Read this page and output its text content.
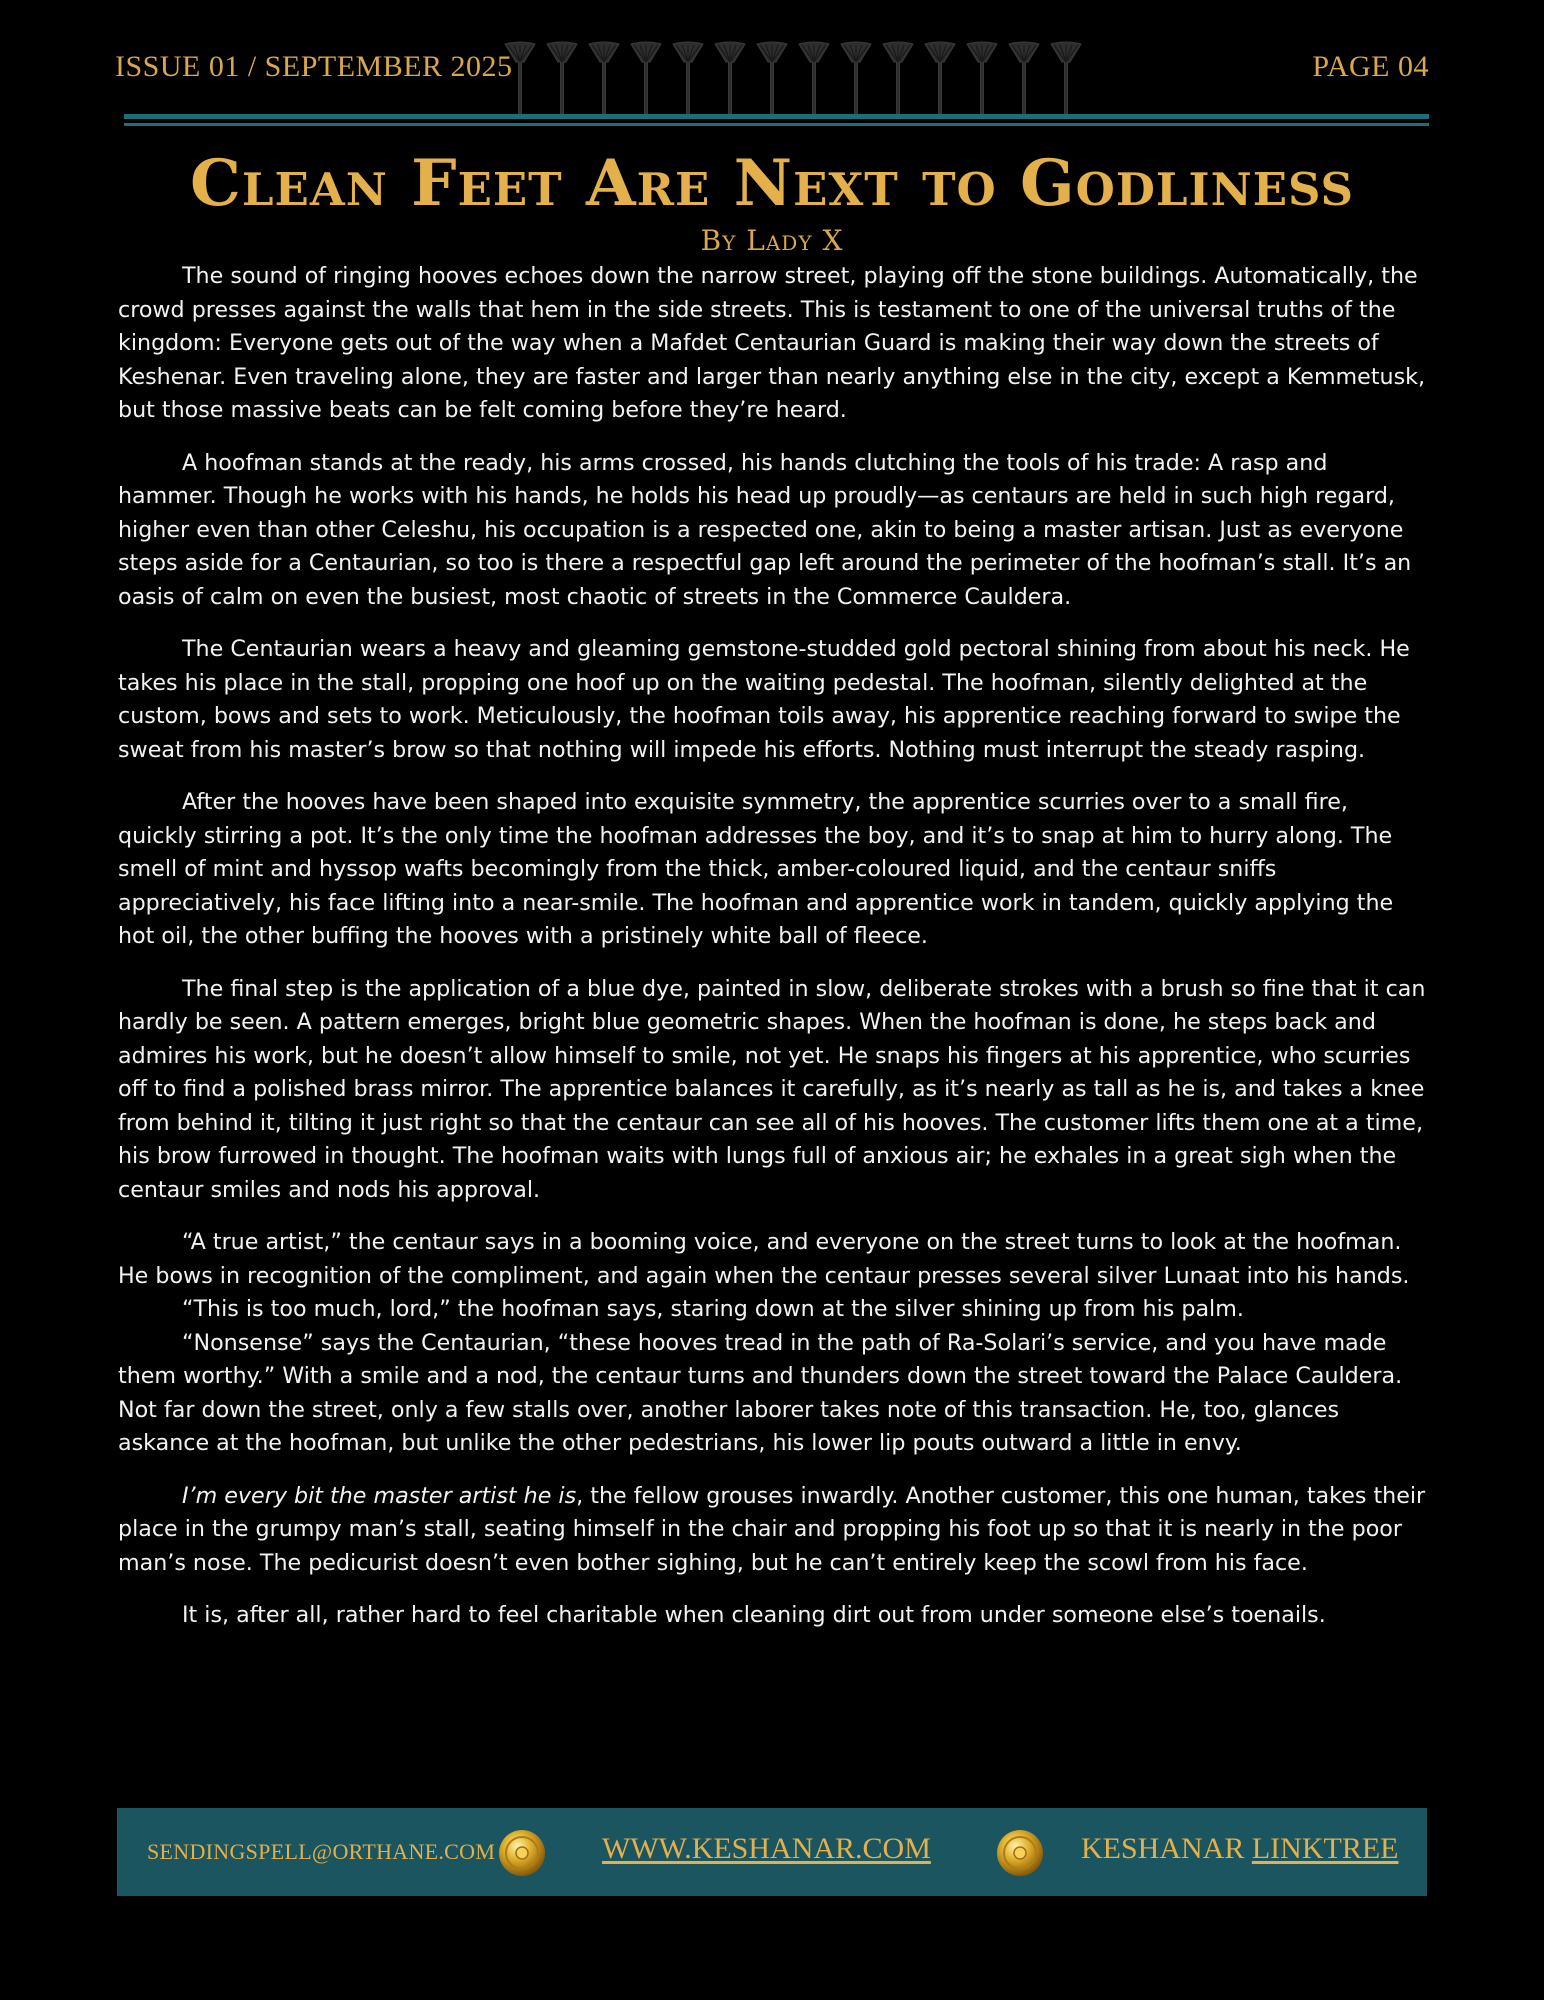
ISSUE 01 / SEPTEMBER 2025	PAGE 04
Clean Feet Are Next to Godliness
By Lady X

The sound of ringing hooves echoes down the narrow street, playing off the stone buildings. Automatically, the crowd presses against the walls that hem in the side streets. This is testament to one of the universal truths of the kingdom: Everyone gets out of the way when a Mafdet Centaurian Guard is making their way down the streets of Keshenar. Even traveling alone, they are faster and larger than nearly anything else in the city, except a Kemmetusk, but those massive beats can be felt coming before they’re heard.

A hoofman stands at the ready, his arms crossed, his hands clutching the tools of his trade: A rasp and hammer. Though he works with his hands, he holds his head up proudly—as centaurs are held in such high regard, higher even than other Celeshu, his occupation is a respected one, akin to being a master artisan. Just as everyone steps aside for a Centaurian, so too is there a respectful gap left around the perimeter of the hoofman’s stall. It’s an oasis of calm on even the busiest, most chaotic of streets in the Commerce Cauldera.

The Centaurian wears a heavy and gleaming gemstone-studded gold pectoral shining from about his neck. He takes his place in the stall, propping one hoof up on the waiting pedestal. The hoofman, silently delighted at the custom, bows and sets to work. Meticulously, the hoofman toils away, his apprentice reaching forward to swipe the sweat from his master’s brow so that nothing will impede his efforts. Nothing must interrupt the steady rasping.

After the hooves have been shaped into exquisite symmetry, the apprentice scurries over to a small fire, quickly stirring a pot. It’s the only time the hoofman addresses the boy, and it’s to snap at him to hurry along. The smell of mint and hyssop wafts becomingly from the thick, amber-coloured liquid, and the centaur sniffs appreciatively, his face lifting into a near-smile. The hoofman and apprentice work in tandem, quickly applying the hot oil, the other buffing the hooves with a pristinely white ball of fleece.

The final step is the application of a blue dye, painted in slow, deliberate strokes with a brush so fine that it can hardly be seen. A pattern emerges, bright blue geometric shapes. When the hoofman is done, he steps back and admires his work, but he doesn’t allow himself to smile, not yet. He snaps his fingers at his apprentice, who scurries off to find a polished brass mirror. The apprentice balances it carefully, as it’s nearly as tall as he is, and takes a knee from behind it, tilting it just right so that the centaur can see all of his hooves. The customer lifts them one at a time, his brow furrowed in thought. The hoofman waits with lungs full of anxious air; he exhales in a great sigh when the centaur smiles and nods his approval.

“A true artist,” the centaur says in a booming voice, and everyone on the street turns to look at the hoofman. He bows in recognition of the compliment, and again when the centaur presses several silver Lunaat into his hands.

“This is too much, lord,” the hoofman says, staring down at the silver shining up from his palm.

“Nonsense” says the Centaurian, “these hooves tread in the path of Ra-Solari’s service, and you have made them worthy.” With a smile and a nod, the centaur turns and thunders down the street toward the Palace Cauldera. Not far down the street, only a few stalls over, another laborer takes note of this transaction. He, too, glances askance at the hoofman, but unlike the other pedestrians, his lower lip pouts outward a little in envy.

I’m every bit the master artist he is, the fellow grouses inwardly. Another customer, this one human, takes their place in the grumpy man’s stall, seating himself in the chair and propping his foot up so that it is nearly in the poor man’s nose. The pedicurist doesn’t even bother sighing, but he can’t entirely keep the scowl from his face.

It is, after all, rather hard to feel charitable when cleaning dirt out from under someone else’s toenails.

SENDINGSPELL@ORTHANE.COM	WWW.KESHANAR.COM	KESHANAR LINKTREE
